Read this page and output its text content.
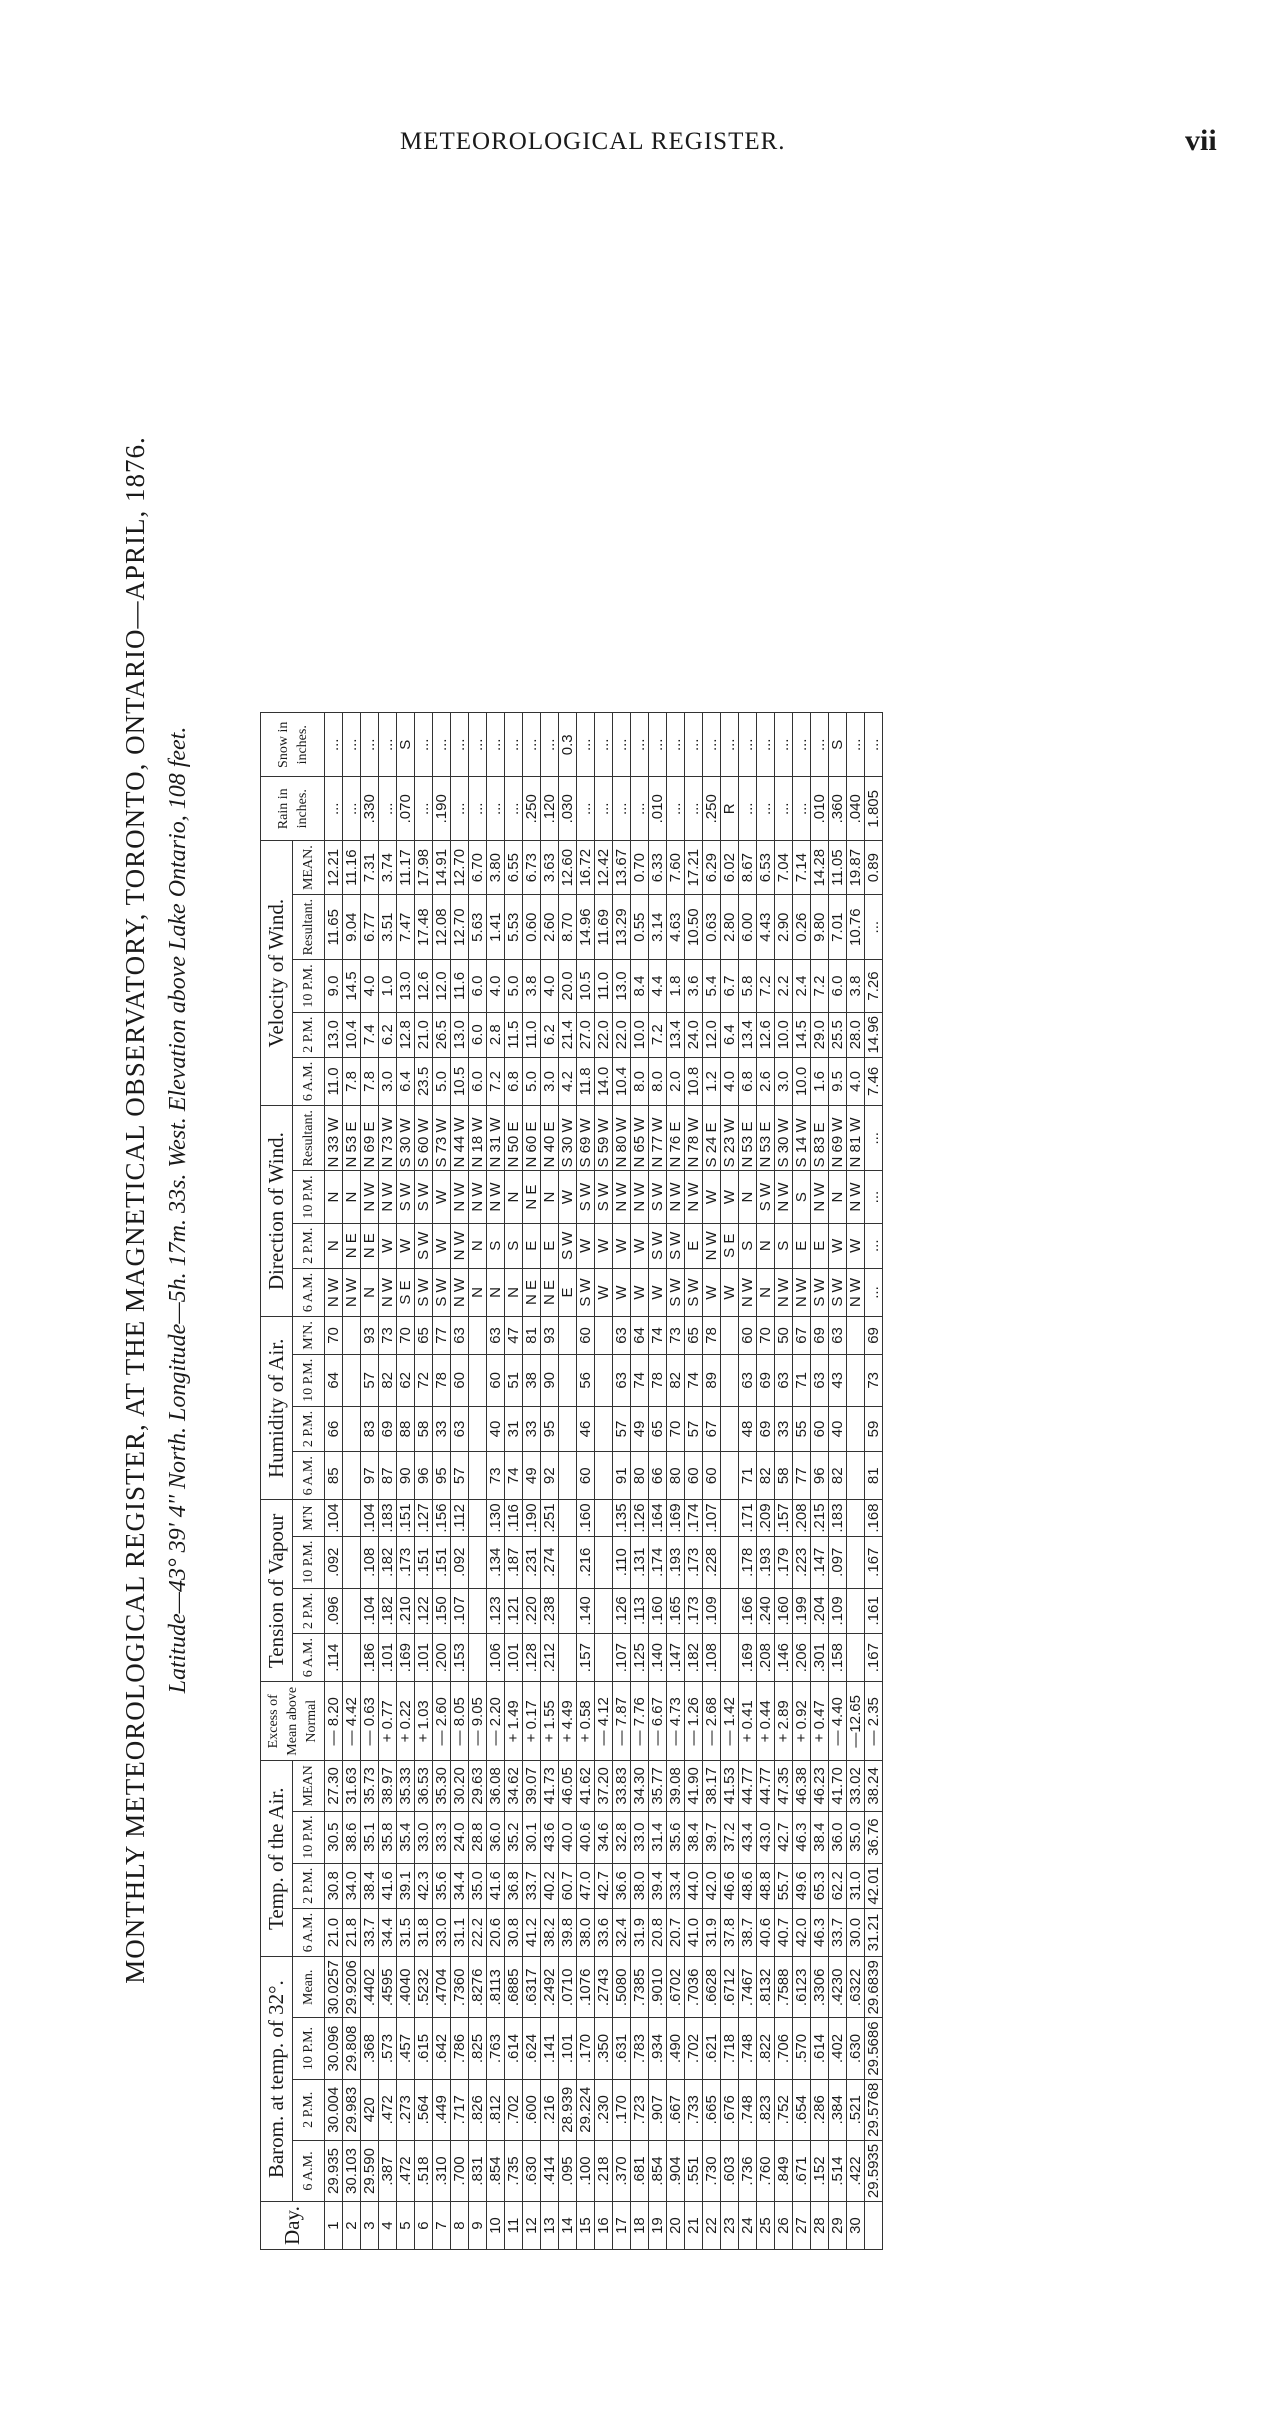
METEOROLOGICAL REGISTER.	vii
MONTHLY METEOROLOGICAL REGISTER, AT THE MAGNETICAL OBSERVATORY, TORONTO, ONTARIO—APRIL, 1876. Latitude—43° 39' 4'' North. Longitude—5h. 17m. 33s. West. Elevation above Lake Ontario, 108 feet.
Day.	Barom. at temp. of 32°.				Temp. of the Air.				Excess of Mean above Normal	Tension of Vapour				Humidity of Air.				Direction of Wind.				Velocity of Wind.					Rain in inches.	Snow in inches.
	6 A.M.	2 P.M.	10 P.M.	Mean.	6 A.M.	2 P.M.	10 P.M.	MEAN		6 A.M.	2 P.M.	10 P.M.	M'N	6 A.M.	2 P.M.	10 P.M.	M'N.	6 A.M.	2 P.M.	10 P.M.	Resultant.	6 A.M.	2 P.M.	10 P.M.	Resultant.	MEAN.		
1	29.935	30.004	30.096	30.0257	21.0	30.8	30.5	27.30	— 8.20	.114	.096	.092	.104	85	66	64	70	N W	N	N	N 33 W	11.0	13.0	9.0	11.65	12.21	...	...
2	30.103	29.983	29.808	29.9206	21.8	34.0	38.6	31.63	— 4.42									N W	N E	N	N 53 E	7.8	10.4	14.5	9.04	11.16	...	...
3	29.590	420	.368	.4402	33.7	38.4	35.1	35.73	— 0.63	.186	.104	.108	.104	97	83	57	93	N	N E	N W	N 69 E	7.8	7.4	4.0	6.77	7.31	.330	...
4	.387	.472	.573	.4595	34.4	41.6	35.8	38.97	+ 0.77	.101	.182	.182	.183	87	69	82	73	N W	W	N W	N 73 W	3.0	6.2	1.0	3.51	3.74	...	...
5	.472	.273	.457	.4040	31.5	39.1	35.4	35.33	+ 0.22	.169	.210	.173	.151	90	88	62	70	S E	W	S W	S 30 W	6.4	12.8	13.0	7.47	11.17	.070	S
6	.518	.564	.615	.5232	31.8	42.3	33.0	36.53	+ 1.03	.101	.122	.151	.127	96	58	72	65	S W	S W	S W	S 60 W	23.5	21.0	12.6	17.48	17.98	...	...
7	.310	.449	.642	.4704	33.0	35.6	33.3	35.30	— 2.60	.200	.150	.151	.156	95	33	78	77	S W	W	W	S 73 W	5.0	26.5	12.0	12.08	14.91	.190	...
8	.700	.717	.786	.7360	31.1	34.4	24.0	30.20	— 8.05	.153	.107	.092	.112	57	63	60	63	N W	N W	N W	N 44 W	10.5	13.0	11.6	12.70	12.70	...	...
9	.831	.826	.825	.8276	22.2	35.0	28.8	29.63	— 9.05									N	N	N W	N 18 W	6.0	6.0	6.0	5.63	6.70	...	...
10	.854	.812	.763	.8113	20.6	41.6	36.0	36.08	— 2.20	.106	.123	.134	.130	73	40	60	63	N	S	N W	N 31 W	7.2	2.8	4.0	1.41	3.80	...	...
11	.735	.702	.614	.6885	30.8	36.8	35.2	34.62	+ 1.49	.101	.121	.187	.116	74	31	51	47	N	S	N	N 50 E	6.8	11.5	5.0	5.53	6.55	...	...
12	.630	.600	.624	.6317	41.2	33.7	30.1	39.07	+ 0.17	.128	.220	.231	.190	49	33	38	81	N E	E	N E	N 60 E	5.0	11.0	3.8	0.60	6.73	.250	...
13	.414	.216	.141	.2492	38.2	40.2	43.6	41.73	+ 1.55	.212	.238	.274	.251	92	95	90	93	N E	E	N	N 40 E	3.0	6.2	4.0	2.60	3.63	.120	...
14	.095	28.939	.101	.0710	39.8	60.7	40.0	46.05	+ 4.49									E	S W	W	S 30 W	4.2	21.4	20.0	8.70	12.60	.030	0.3
15	.100	29.224	.170	.1076	38.0	47.0	40.6	41.62	+ 0.58	.157	.140	.216	.160	60	46	56	60	S W	W	S W	S 69 W	11.8	27.0	10.5	14.96	16.72	...	...
16	.218	.230	.350	.2743	33.6	42.7	34.6	37.20	— 4.12									W	W	S W	S 59 W	14.0	22.0	11.0	11.69	12.42	...	...
17	.370	.170	.631	.5080	32.4	36.6	32.8	33.83	— 7.87	.107	.126	.110	.135	91	57	63	63	W	W	N W	N 80 W	10.4	22.0	13.0	13.29	13.67	...	...
18	.681	.723	.783	.7385	31.9	38.0	33.0	34.30	— 7.76	.125	.113	.131	.126	80	49	74	64	W	W	N W	N 65 W	8.0	10.0	8.4	0.55	0.70	...	...
19	.854	.907	.934	.9010	20.8	39.4	31.4	35.77	— 6.67	.140	.160	.174	.164	66	65	78	74	W	S W	S W	N 77 W	8.0	7.2	4.4	3.14	6.33	.010	...
20	.904	.667	.490	.6702	20.7	33.4	35.6	39.08	— 4.73	.147	.165	.193	.169	80	70	82	73	S W	S W	N W	N 76 E	2.0	13.4	1.8	4.63	7.60	...	...
21	.551	.733	.702	.7036	41.0	44.0	38.4	41.90	— 1.26	.182	.173	.173	.174	60	57	74	65	S W	E	N W	N 78 W	10.8	24.0	3.6	10.50	17.21	...	...
22	.730	.665	.621	.6628	31.9	42.0	39.7	38.17	— 2.68	.108	.109	.228	.107	60	67	89	78	W	N W	W	S 24 E	1.2	12.0	5.4	0.63	6.29	.250	...
23	.603	.676	.718	.6712	37.8	46.6	37.2	41.53	— 1.42									W	S E	W	S 23 W	4.0	6.4	6.7	2.80	6.02	R	...
24	.736	.748	.748	.7467	38.7	48.6	43.4	44.77	+ 0.41	.169	.166	.178	.171	71	48	63	60	N W	S	N	N 53 E	6.8	13.4	5.8	6.00	8.67	...	...
25	.760	.823	.822	.8132	40.6	48.8	43.0	44.77	+ 0.44	.208	.240	.193	.209	82	69	69	70	N	N	S W	N 53 E	2.6	12.6	7.2	4.43	6.53	...	...
26	.849	.752	.706	.7588	40.7	55.7	42.7	47.35	+ 2.89	.146	.160	.179	.157	58	33	63	50	N W	S	N W	S 30 W	3.0	10.0	2.2	2.90	7.04	...	...
27	.671	.654	.570	.6123	42.0	49.6	46.3	46.38	+ 0.92	.206	.199	.223	.208	77	55	71	67	N W	E	S	S 14 W	10.0	14.5	2.4	0.26	7.14	...	...
28	.152	.286	.614	.3306	46.3	65.3	38.4	46.23	+ 0.47	.301	.204	.147	.215	96	60	63	69	S W	E	N W	S 83 E	1.6	29.0	7.2	9.80	14.28	.010	...
29	.514	.384	.402	.4230	33.7	62.2	36.0	41.70	— 4.40	.158	.109	.097	.183	82	40	43	63	S W	W	N	N 69 W	9.5	25.5	6.0	7.01	11.05	.360	S
30	.422	.521	.630	.6322	30.0	31.0	35.0	33.02	—12.65									N W	W	N W	N 81 W	4.0	28.0	3.8	10.76	19.87	.040	...
	29.5935	29.5768	29.5686	29.6839	31.21	42.01	36.76	38.24	— 2.35	.167	.161	.167	.168	81	59	73	69	...	...	...	...	7.46	14.96	7.26	...	0.89	1.805	...
